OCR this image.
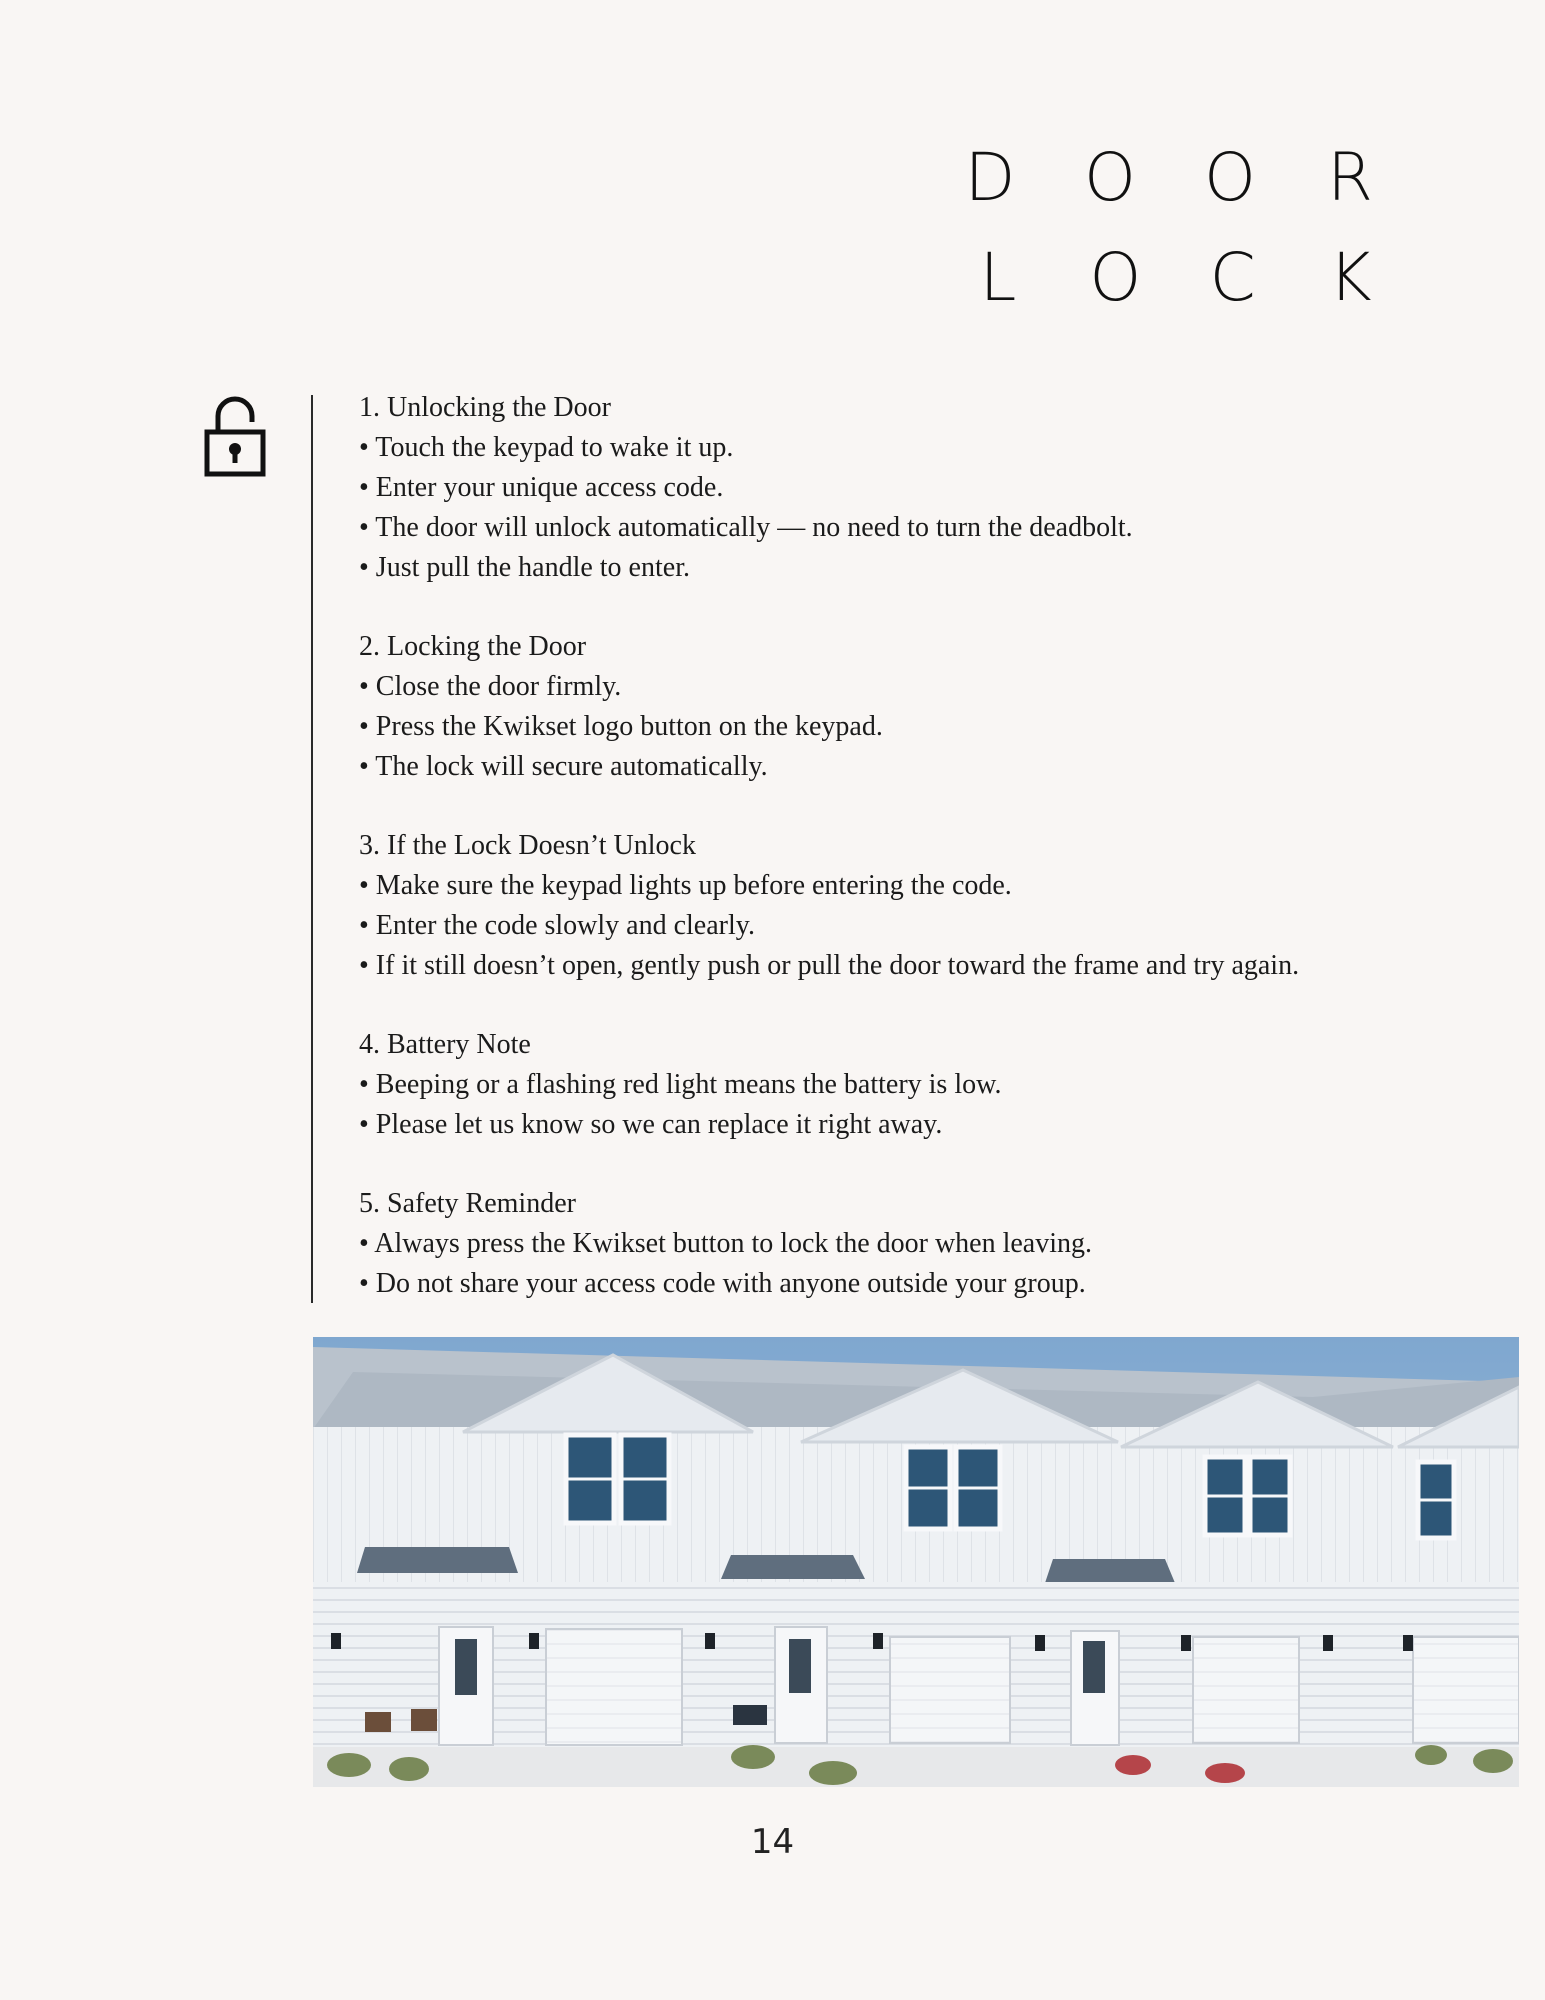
D O O R
L O C K
1. Unlocking the Door
• Touch the keypad to wake it up.
• Enter your unique access code.
• The door will unlock automatically — no need to turn the deadbolt.
• Just pull the handle to enter.
2. Locking the Door
• Close the door firmly.
• Press the Kwikset logo button on the keypad.
• The lock will secure automatically.
3. If the Lock Doesn’t Unlock
• Make sure the keypad lights up before entering the code.
• Enter the code slowly and clearly.
• If it still doesn’t open, gently push or pull the door toward the frame and try again.
4. Battery Note
• Beeping or a flashing red light means the battery is low.
• Please let us know so we can replace it right away.
5. Safety Reminder
• Always press the Kwikset button to lock the door when leaving.
• Do not share your access code with anyone outside your group.
14
